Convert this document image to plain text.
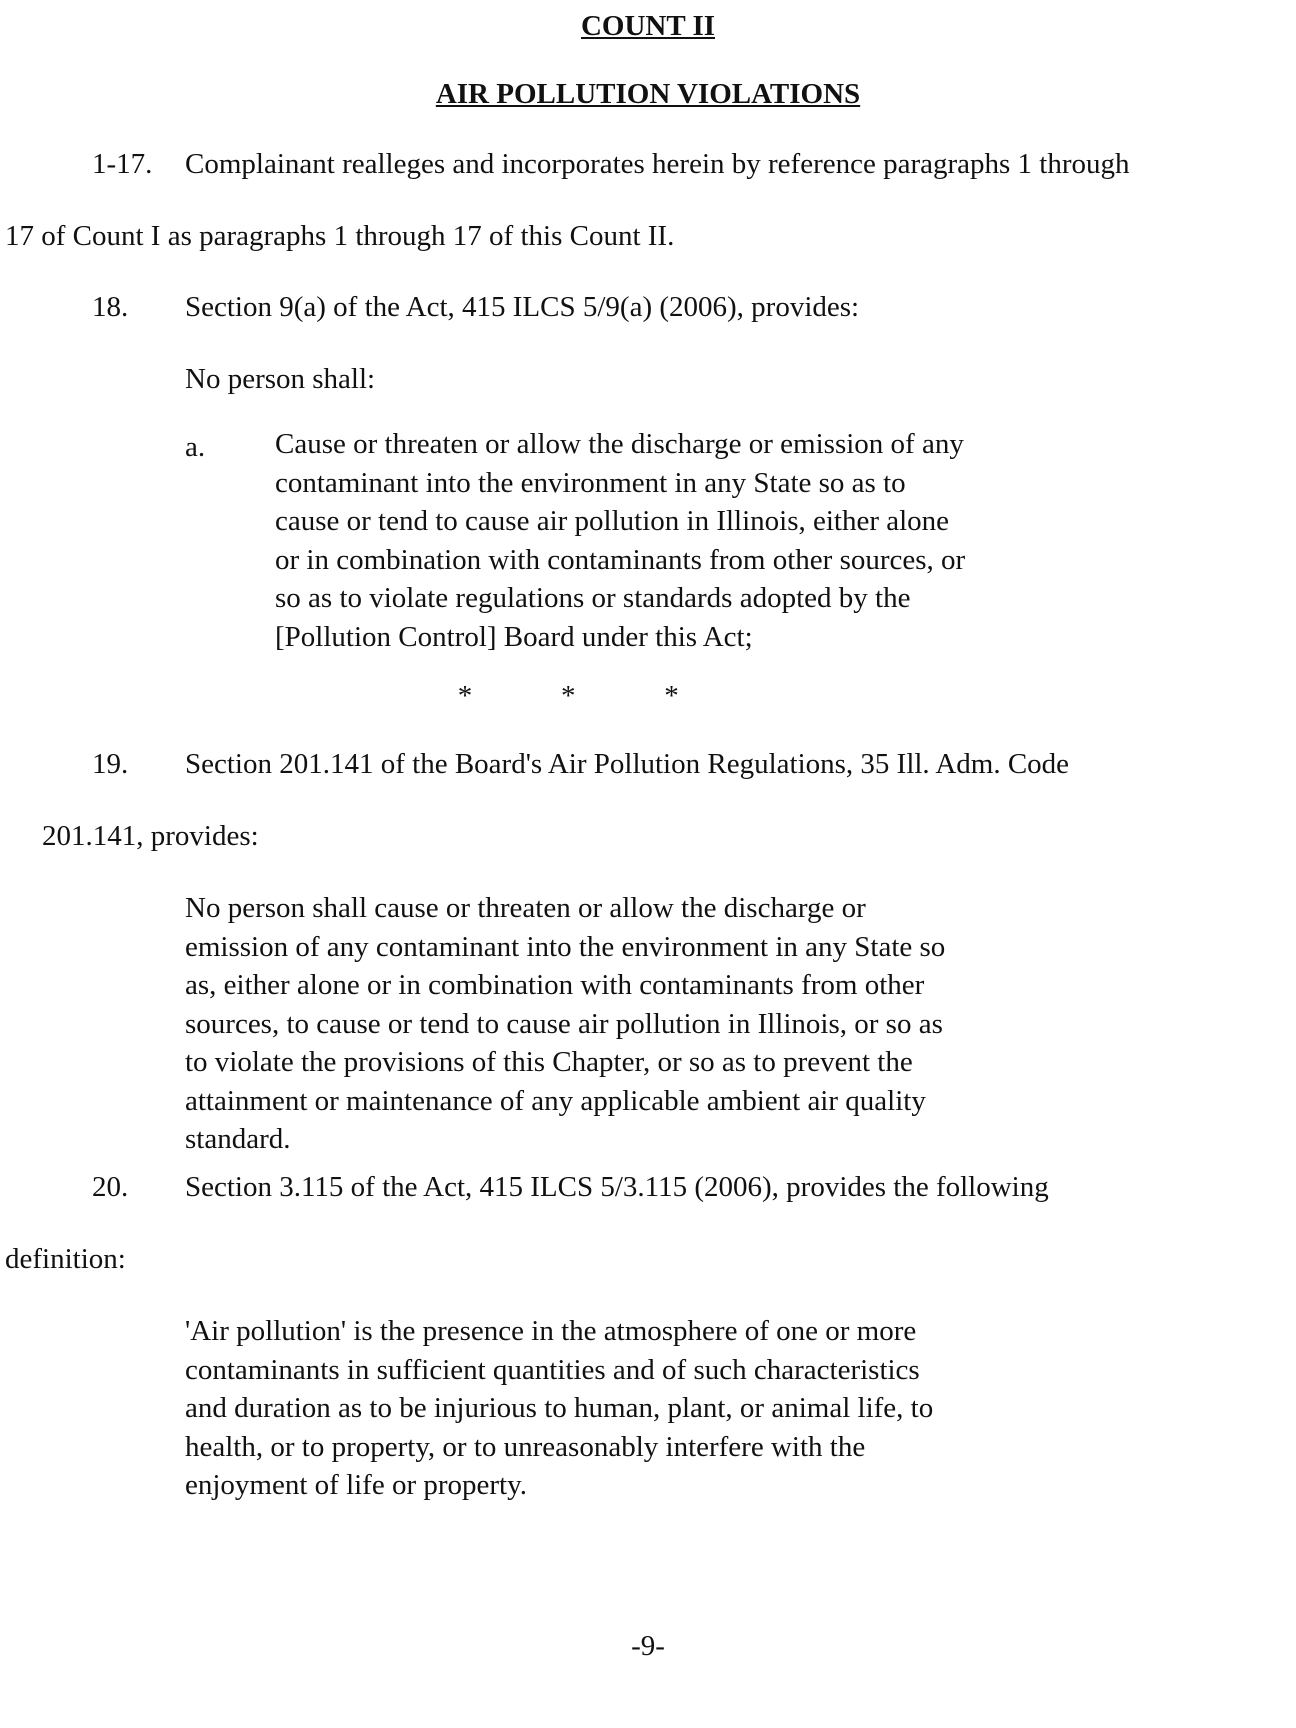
COUNT II
AIR POLLUTION VIOLATIONS
1-17. Complainant realleges and incorporates herein by reference paragraphs 1 through
17 of Count I as paragraphs 1 through 17 of this Count II.
18. Section 9(a) of the Act, 415 ILCS 5/9(a) (2006), provides:
No person shall:
a. Cause or threaten or allow the discharge or emission of any
contaminant into the environment in any State so as to
cause or tend to cause air pollution in Illinois, either alone
or in combination with contaminants from other sources, or
so as to violate regulations or standards adopted by the
[Pollution Control] Board under this Act;
*	*	*
19. Section 201.141 of the Board's Air Pollution Regulations, 35 Ill. Adm. Code
201.141, provides:
No person shall cause or threaten or allow the discharge or
emission of any contaminant into the environment in any State so
as, either alone or in combination with contaminants from other
sources, to cause or tend to cause air pollution in Illinois, or so as
to violate the provisions of this Chapter, or so as to prevent the
attainment or maintenance of any applicable ambient air quality
standard.
20. Section 3.115 of the Act, 415 ILCS 5/3.115 (2006), provides the following
definition:
'Air pollution' is the presence in the atmosphere of one or more
contaminants in sufficient quantities and of such characteristics
and duration as to be injurious to human, plant, or animal life, to
health, or to property, or to unreasonably interfere with the
enjoyment of life or property.
-9-
